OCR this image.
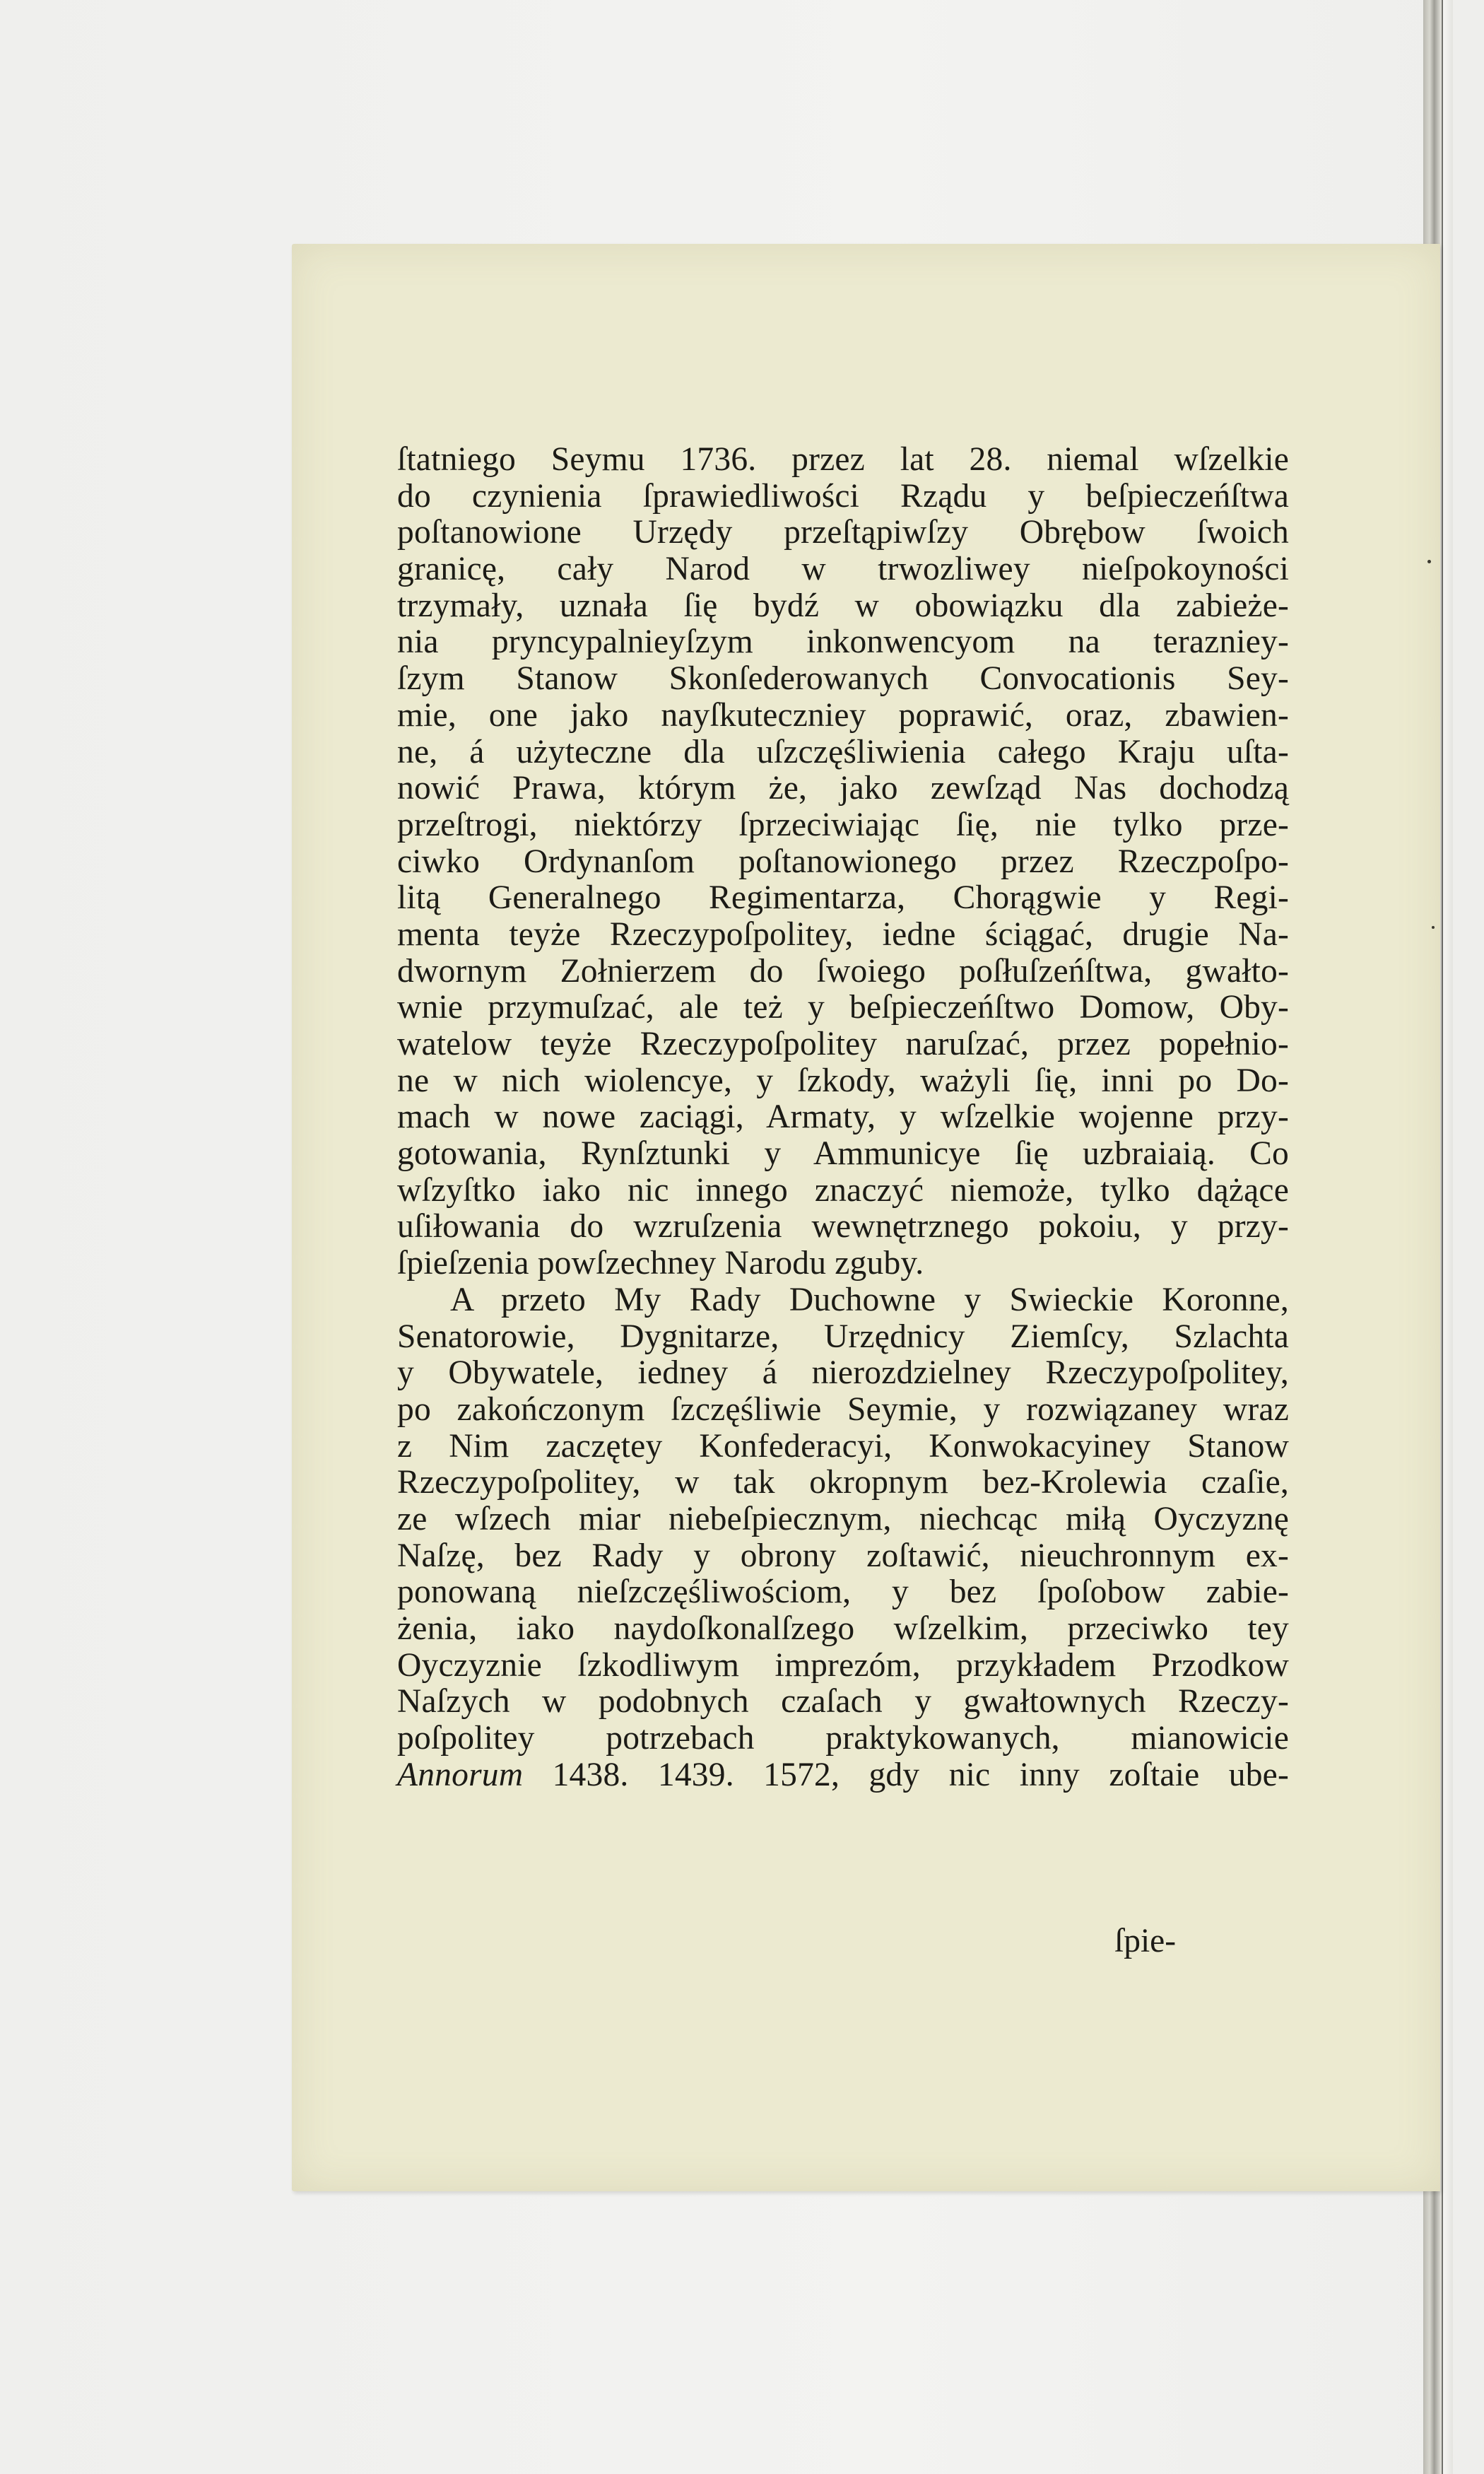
ſtatniego Seymu 1736. przez lat 28. niemal wſzelkie
do czynienia ſprawiedliwości Rządu y beſpieczeńſtwa
poſtanowione Urzędy przeſtąpiwſzy Obrębow ſwoich
granicę, cały Narod w trwozliwey nieſpokoyności
trzymały, uznała ſię bydź w obowiązku dla zabieże-
nia pryncypalnieyſzym inkonwencyom na terazniey-
ſzym Stanow Skonſederowanych Convocationis Sey-
mie, one jako nayſkuteczniey poprawić, oraz, zbawien-
ne, á użyteczne dla uſzczęśliwienia całego Kraju uſta-
nowić Prawa, którym że, jako zewſząd Nas dochodzą
przeſtrogi, niektórzy ſprzeciwiając ſię, nie tylko prze-
ciwko Ordynanſom poſtanowionego przez Rzeczpoſpo-
litą Generalnego Regimentarza, Chorągwie y Regi-
menta teyże Rzeczypoſpolitey, iedne ściągać, drugie Na-
dwornym Zołnierzem do ſwoiego poſłuſzeńſtwa, gwałto-
wnie przymuſzać, ale też y beſpieczeńſtwo Domow, Oby-
watelow teyże Rzeczypoſpolitey naruſzać, przez popełnio-
ne w nich wiolencye, y ſzkody, ważyli ſię, inni po Do-
mach w nowe zaciągi, Armaty, y wſzelkie wojenne przy-
gotowania, Rynſztunki y Ammunicye ſię uzbraiaią. Co
wſzyſtko iako nic innego znaczyć niemoże, tylko dążące
uſiłowania do wzruſzenia wewnętrznego pokoiu, y przy-
ſpieſzenia powſzechney Narodu zguby.
A przeto My Rady Duchowne y Swieckie Koronne,
Senatorowie, Dygnitarze, Urzędnicy Ziemſcy, Szlachta
y Obywatele, iedney á nierozdzielney Rzeczypoſpolitey,
po zakończonym ſzczęśliwie Seymie, y rozwiązaney wraz
z Nim zaczętey Konfederacyi, Konwokacyiney Stanow
Rzeczypoſpolitey, w tak okropnym bez-Krolewia czaſie,
ze wſzech miar niebeſpiecznym, niechcąc miłą Oyczyznę
Naſzę, bez Rady y obrony zoſtawić, nieuchronnym ex-
ponowaną nieſzczęśliwościom, y bez ſpoſobow zabie-
żenia, iako naydoſkonalſzego wſzelkim, przeciwko tey
Oyczyznie ſzkodliwym imprezóm, przykładem Przodkow
Naſzych w podobnych czaſach y gwałtownych Rzeczy-
poſpolitey potrzebach praktykowanych, mianowicie
Annorum 1438. 1439. 1572, gdy nic inny zoſtaie ube-
ſpie-
